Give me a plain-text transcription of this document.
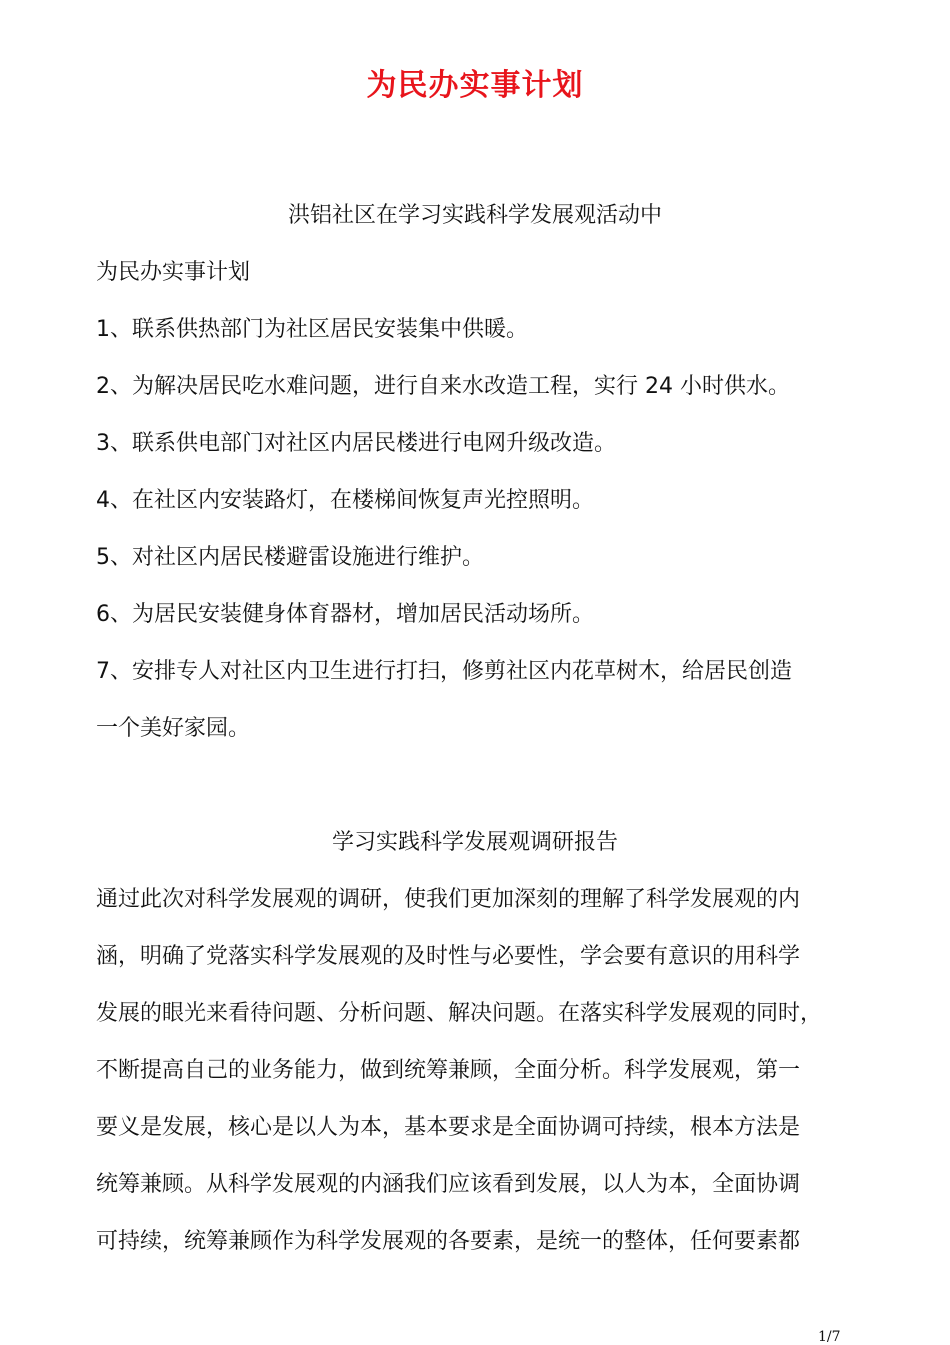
为民办实事计划
洪铝社区在学习实践科学发展观活动中
为民办实事计划
1、联系供热部门为社区居民安装集中供暖。
2、为解决居民吃水难问题，进行自来水改造工程，实行 24 小时供水。
3、联系供电部门对社区内居民楼进行电网升级改造。
4、在社区内安装路灯，在楼梯间恢复声光控照明。
5、对社区内居民楼避雷设施进行维护。
6、为居民安装健身体育器材，增加居民活动场所。
7、安排专人对社区内卫生进行打扫，修剪社区内花草树木，给居民创造
一个美好家园。
学习实践科学发展观调研报告
通过此次对科学发展观的调研，使我们更加深刻的理解了科学发展观的内
涵，明确了党落实科学发展观的及时性与必要性，学会要有意识的用科学
发展的眼光来看待问题、分析问题、解决问题。在落实科学发展观的同时，
不断提高自己的业务能力，做到统筹兼顾，全面分析。科学发展观，第一
要义是发展，核心是以人为本，基本要求是全面协调可持续，根本方法是
统筹兼顾。从科学发展观的内涵我们应该看到发展，以人为本，全面协调
可持续，统筹兼顾作为科学发展观的各要素，是统一的整体，任何要素都
1/7
